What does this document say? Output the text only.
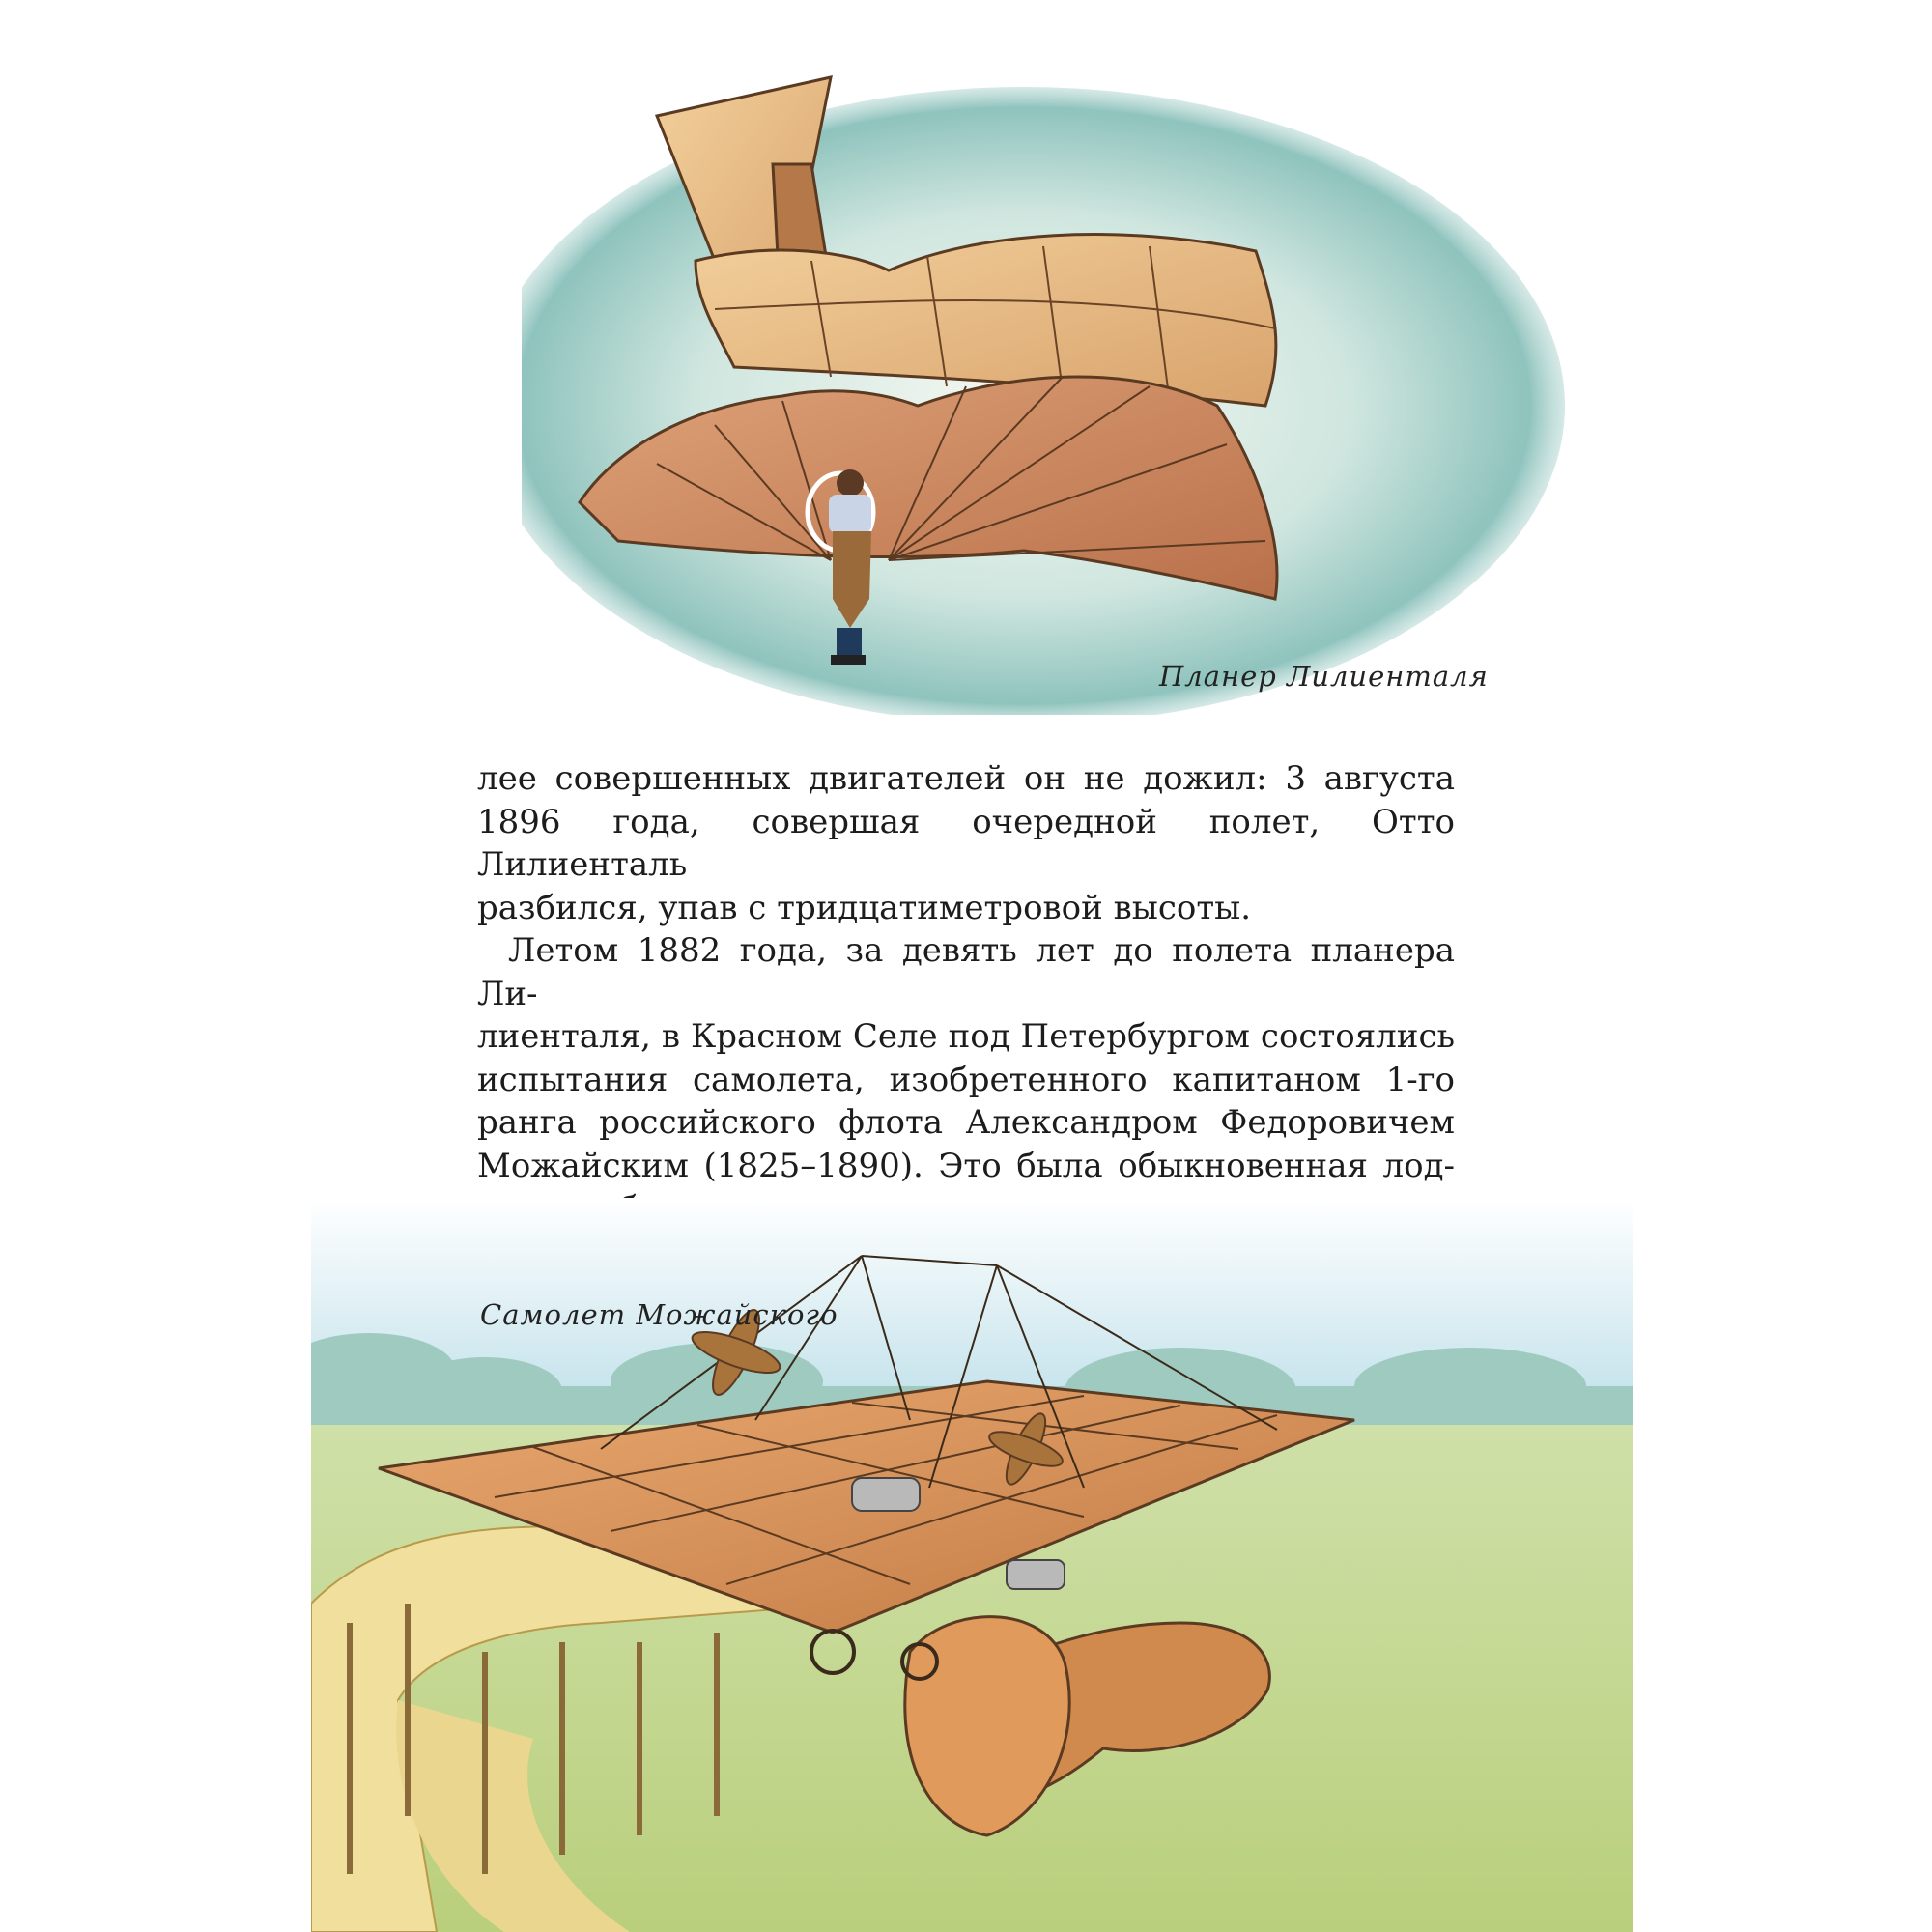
Планер Лилиенталя

лее совершенных двигателей он не дожил: 3 августа

1896 года, совершая очередной полет, Отто Лилиенталь

разбился, упав с тридцатиметровой высоты.

Летом 1882 года, за девять лет до полета планера Ли-

лиенталя, в Красном Селе под Петербургом состоялись

испытания самолета, изобретенного капитаном 1-го

ранга российского флота Александром Федоровичем

Можайским (1825–1890). Это была обыкновенная лод-

Самолет Можайского
